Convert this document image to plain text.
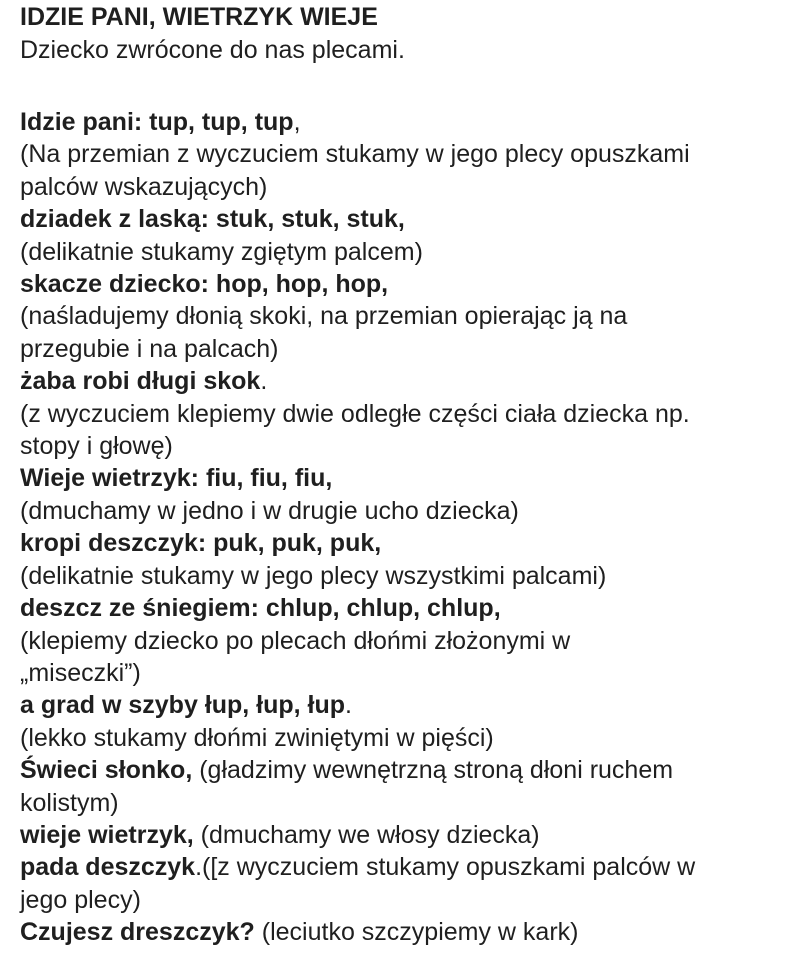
IDZIE PANI, WIETRZYK WIEJE

Dziecko zwrócone do nas plecami.

Idzie pani: tup, tup, tup,

(Na przemian z wyczuciem stukamy w jego plecy opuszkami

palców wskazujących)

dziadek z laską: stuk, stuk, stuk,

(delikatnie stukamy zgiętym palcem)

skacze dziecko: hop, hop, hop,

(naśladujemy dłonią skoki, na przemian opierając ją na

przegubie i na palcach)

żaba robi długi skok.

(z wyczuciem klepiemy dwie odległe części ciała dziecka np.

stopy i głowę)

Wieje wietrzyk: fiu, fiu, fiu,

(dmuchamy w jedno i w drugie ucho dziecka)

kropi deszczyk: puk, puk, puk,

(delikatnie stukamy w jego plecy wszystkimi palcami)

deszcz ze śniegiem: chlup, chlup, chlup,

(klepiemy dziecko po plecach dłońmi złożonymi w

„miseczki”)

a grad w szyby łup, łup, łup.

(lekko stukamy dłońmi zwiniętymi w pięści)

Świeci słonko, (gładzimy wewnętrzną stroną dłoni ruchem

kolistym)

wieje wietrzyk, (dmuchamy we włosy dziecka)

pada deszczyk.([z wyczuciem stukamy opuszkami palców w

jego plecy)

Czujesz dreszczyk? (leciutko szczypiemy w kark)
